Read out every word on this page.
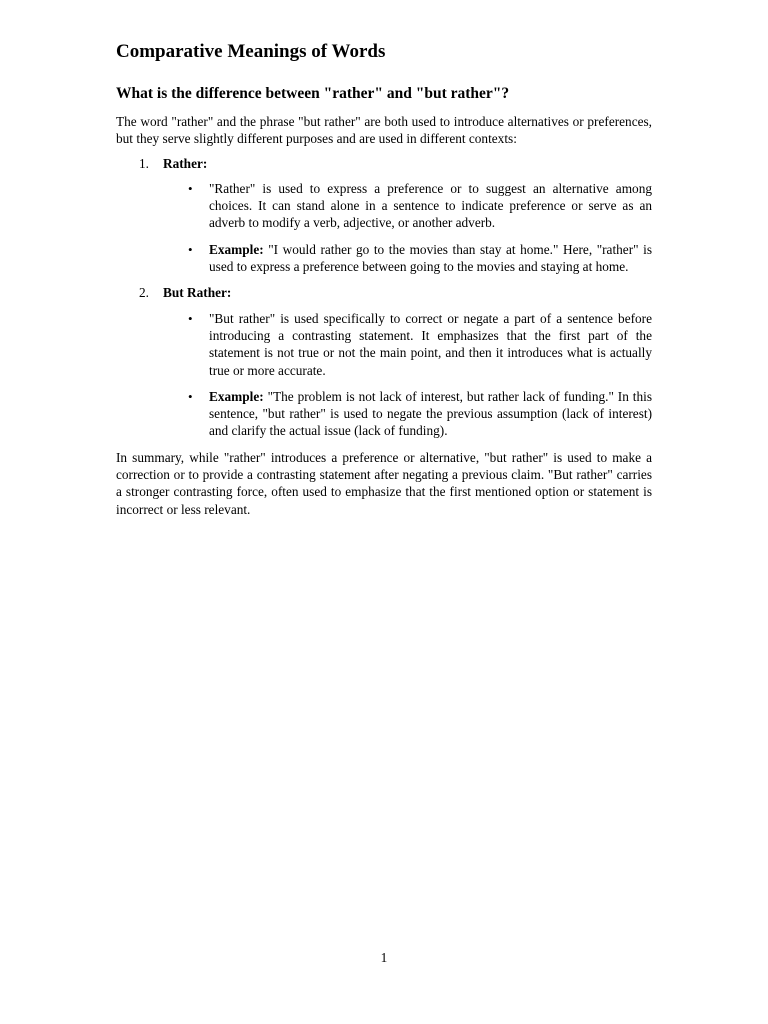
Comparative Meanings of Words
What is the difference between "rather" and "but rather"?

The word "rather" and the phrase "but rather" are both used to introduce alternatives or preferences, but they serve slightly different purposes and are used in different contexts:

1. Rather:
• "Rather" is used to express a preference or to suggest an alternative among choices. It can stand alone in a sentence to indicate preference or serve as an adverb to modify a verb, adjective, or another adverb.
• Example: "I would rather go to the movies than stay at home." Here, "rather" is used to express a preference between going to the movies and staying at home.
2. But Rather:
• "But rather" is used specifically to correct or negate a part of a sentence before introducing a contrasting statement. It emphasizes that the first part of the statement is not true or not the main point, and then it introduces what is actually true or more accurate.
• Example: "The problem is not lack of interest, but rather lack of funding." In this sentence, "but rather" is used to negate the previous assumption (lack of interest) and clarify the actual issue (lack of funding).

In summary, while "rather" introduces a preference or alternative, "but rather" is used to make a correction or to provide a contrasting statement after negating a previous claim. "But rather" carries a stronger contrasting force, often used to emphasize that the first mentioned option or statement is incorrect or less relevant.

1
